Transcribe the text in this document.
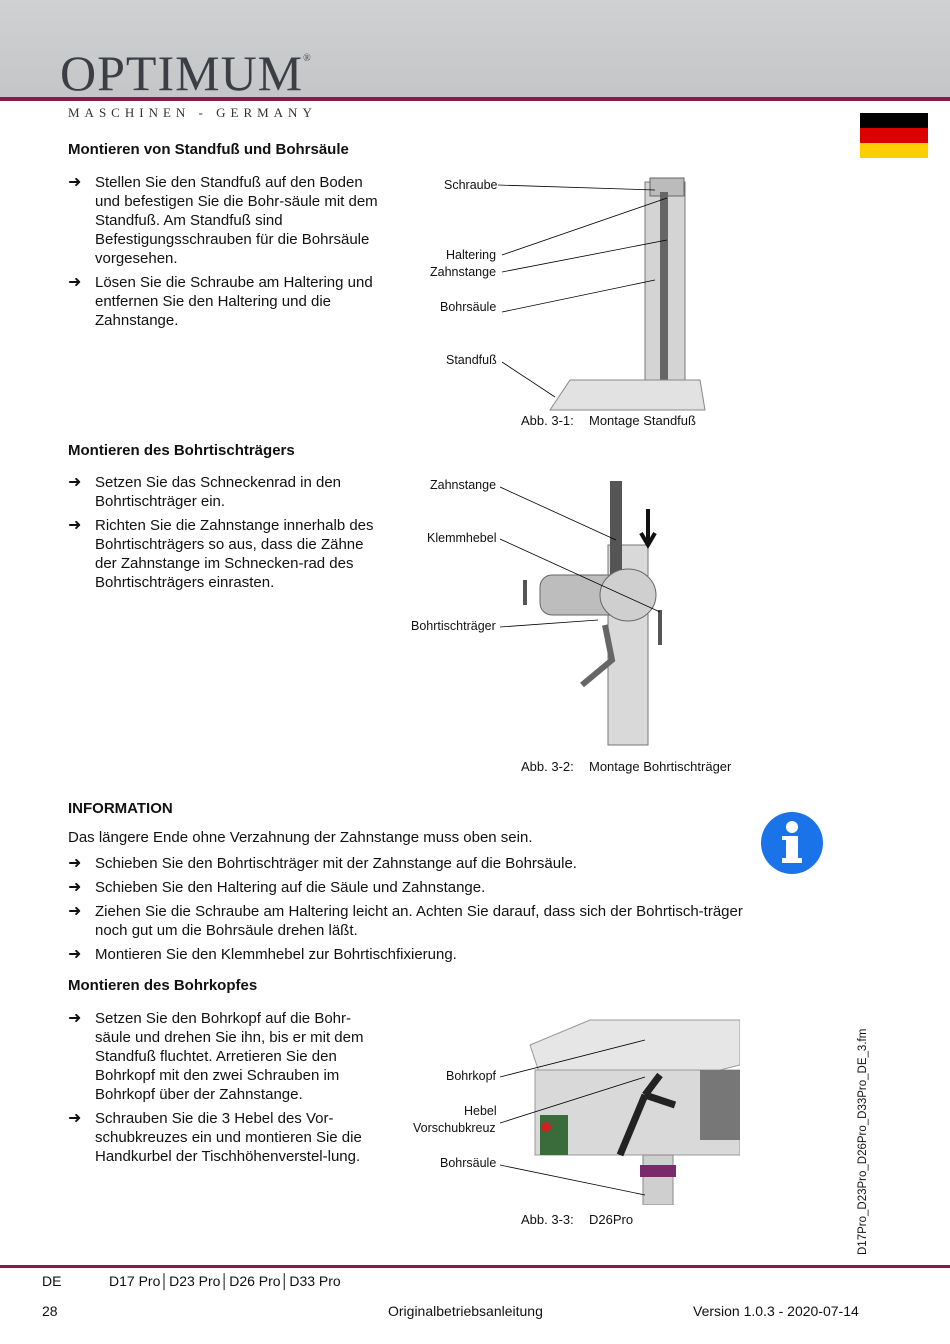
OPTIMUM®
MASCHINEN - GERMANY
Montieren von Standfuß und Bohrsäule
➜ Stellen Sie den Standfuß auf den Boden und befestigen Sie die Bohr-säule mit dem Standfuß. Am Standfuß sind Befestigungsschrauben für die Bohrsäule vorgesehen.
➜ Lösen Sie die Schraube am Haltering und entfernen Sie den Haltering und die Zahnstange.
Schraube
Haltering
Zahnstange
Bohrsäule
Standfuß
Abb. 3-1: Montage Standfuß
Montieren des Bohrtischträgers
➜ Setzen Sie das Schneckenrad in den Bohrtischträger ein.
➜ Richten Sie die Zahnstange innerhalb des Bohrtischträgers so aus, dass die Zähne der Zahnstange im Schnecken-rad des Bohrtischträgers einrasten.
Zahnstange
Klemmhebel
Bohrtischträger
Abb. 3-2: Montage Bohrtischträger
INFORMATION

Das längere Ende ohne Verzahnung der Zahnstange muss oben sein.

➜ Schieben Sie den Bohrtischträger mit der Zahnstange auf die Bohrsäule.
➜ Schieben Sie den Haltering auf die Säule und Zahnstange.
➜ Ziehen Sie die Schraube am Haltering leicht an. Achten Sie darauf, dass sich der Bohrtisch-träger noch gut um die Bohrsäule drehen läßt.
➜ Montieren Sie den Klemmhebel zur Bohrtischfixierung.
Montieren des Bohrkopfes
➜ Setzen Sie den Bohrkopf auf die Bohr-säule und drehen Sie ihn, bis er mit dem Standfuß fluchtet. Arretieren Sie den Bohrkopf mit den zwei Schrauben im Bohrkopf über der Zahnstange.
➜ Schrauben Sie die 3 Hebel des Vor-schubkreuzes ein und montieren Sie die Handkurbel der Tischhöhenverstel-lung.
Bohrkopf
Hebel
Vorschubkreuz
Bohrsäule
Abb. 3-3: D26Pro	D17Pro_D23Pro_D26Pro_D33Pro_DE_3.fm
DE	D17 Pro│D23 Pro│D26 Pro│D33 Pro
28	Originalbetriebsanleitung	Version 1.0.3 - 2020-07-14
